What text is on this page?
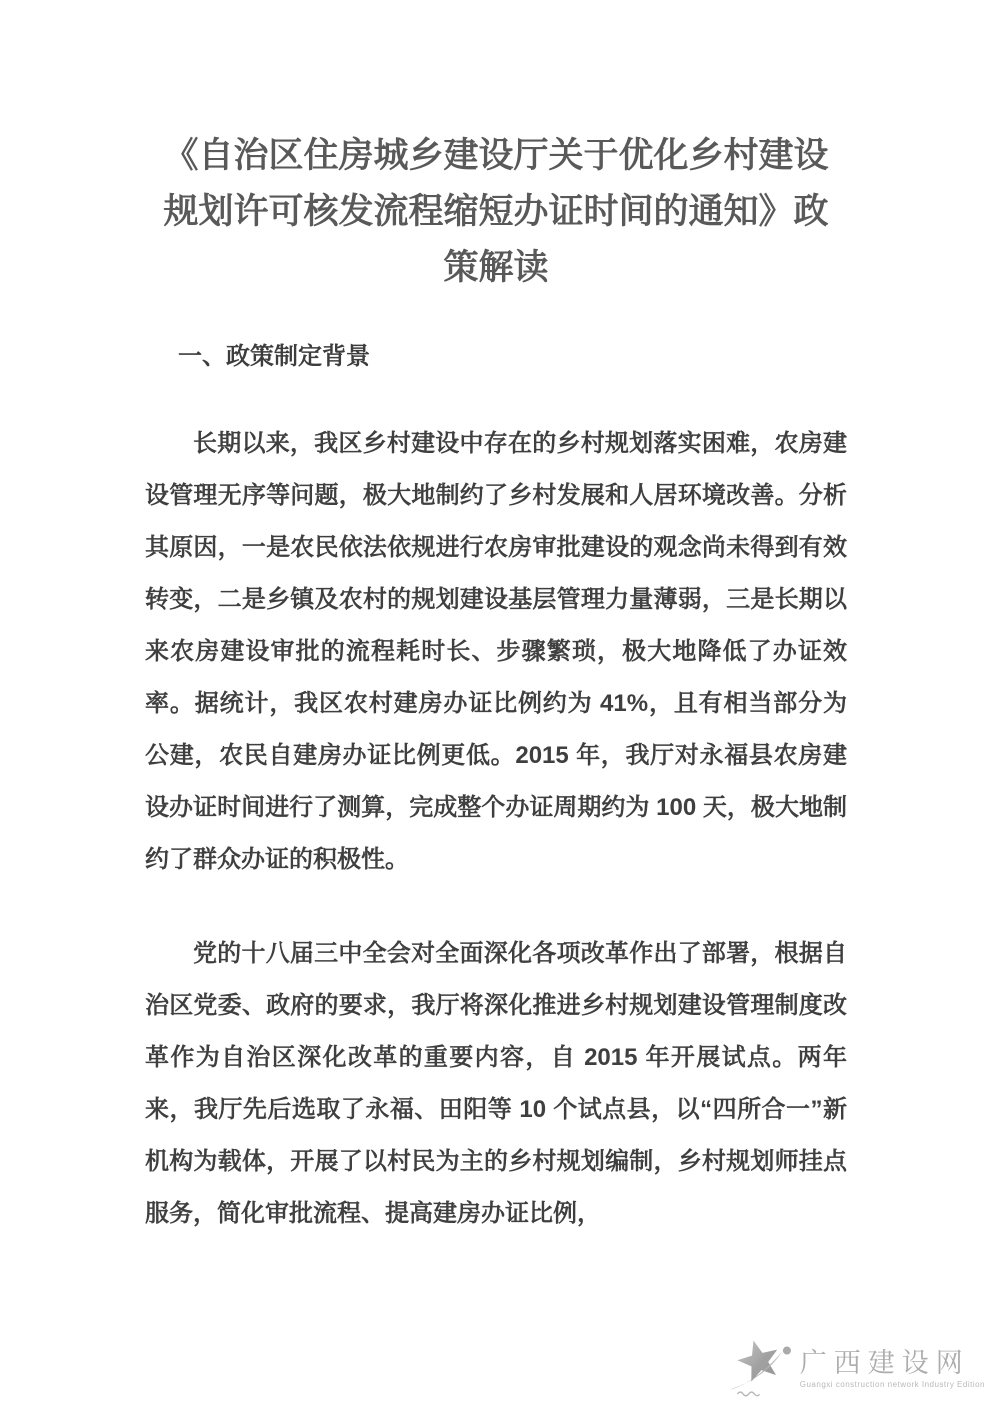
《自治区住房城乡建设厅关于优化乡村建设规划许可核发流程缩短办证时间的通知》政策解读
一、政策制定背景

长期以来，我区乡村建设中存在的乡村规划落实困难，农房建设管理无序等问题，极大地制约了乡村发展和人居环境改善。分析其原因，一是农民依法依规进行农房审批建设的观念尚未得到有效转变，二是乡镇及农村的规划建设基层管理力量薄弱，三是长期以来农房建设审批的流程耗时长、步骤繁琐，极大地降低了办证效率。据统计，我区农村建房办证比例约为 41%，且有相当部分为公建，农民自建房办证比例更低。2015 年，我厅对永福县农房建设办证时间进行了测算，完成整个办证周期约为 100 天，极大地制约了群众办证的积极性。

党的十八届三中全会对全面深化各项改革作出了部署，根据自治区党委、政府的要求，我厅将深化推进乡村规划建设管理制度改革作为自治区深化改革的重要内容，自 2015 年开展试点。两年来，我厅先后选取了永福、田阳等 10 个试点县，以“四所合一”新机构为载体，开展了以村民为主的乡村规划编制，乡村规划师挂点服务，简化审批流程、提高建房办证比例，

广西建设网
Guangxi construction network Industry Edition
